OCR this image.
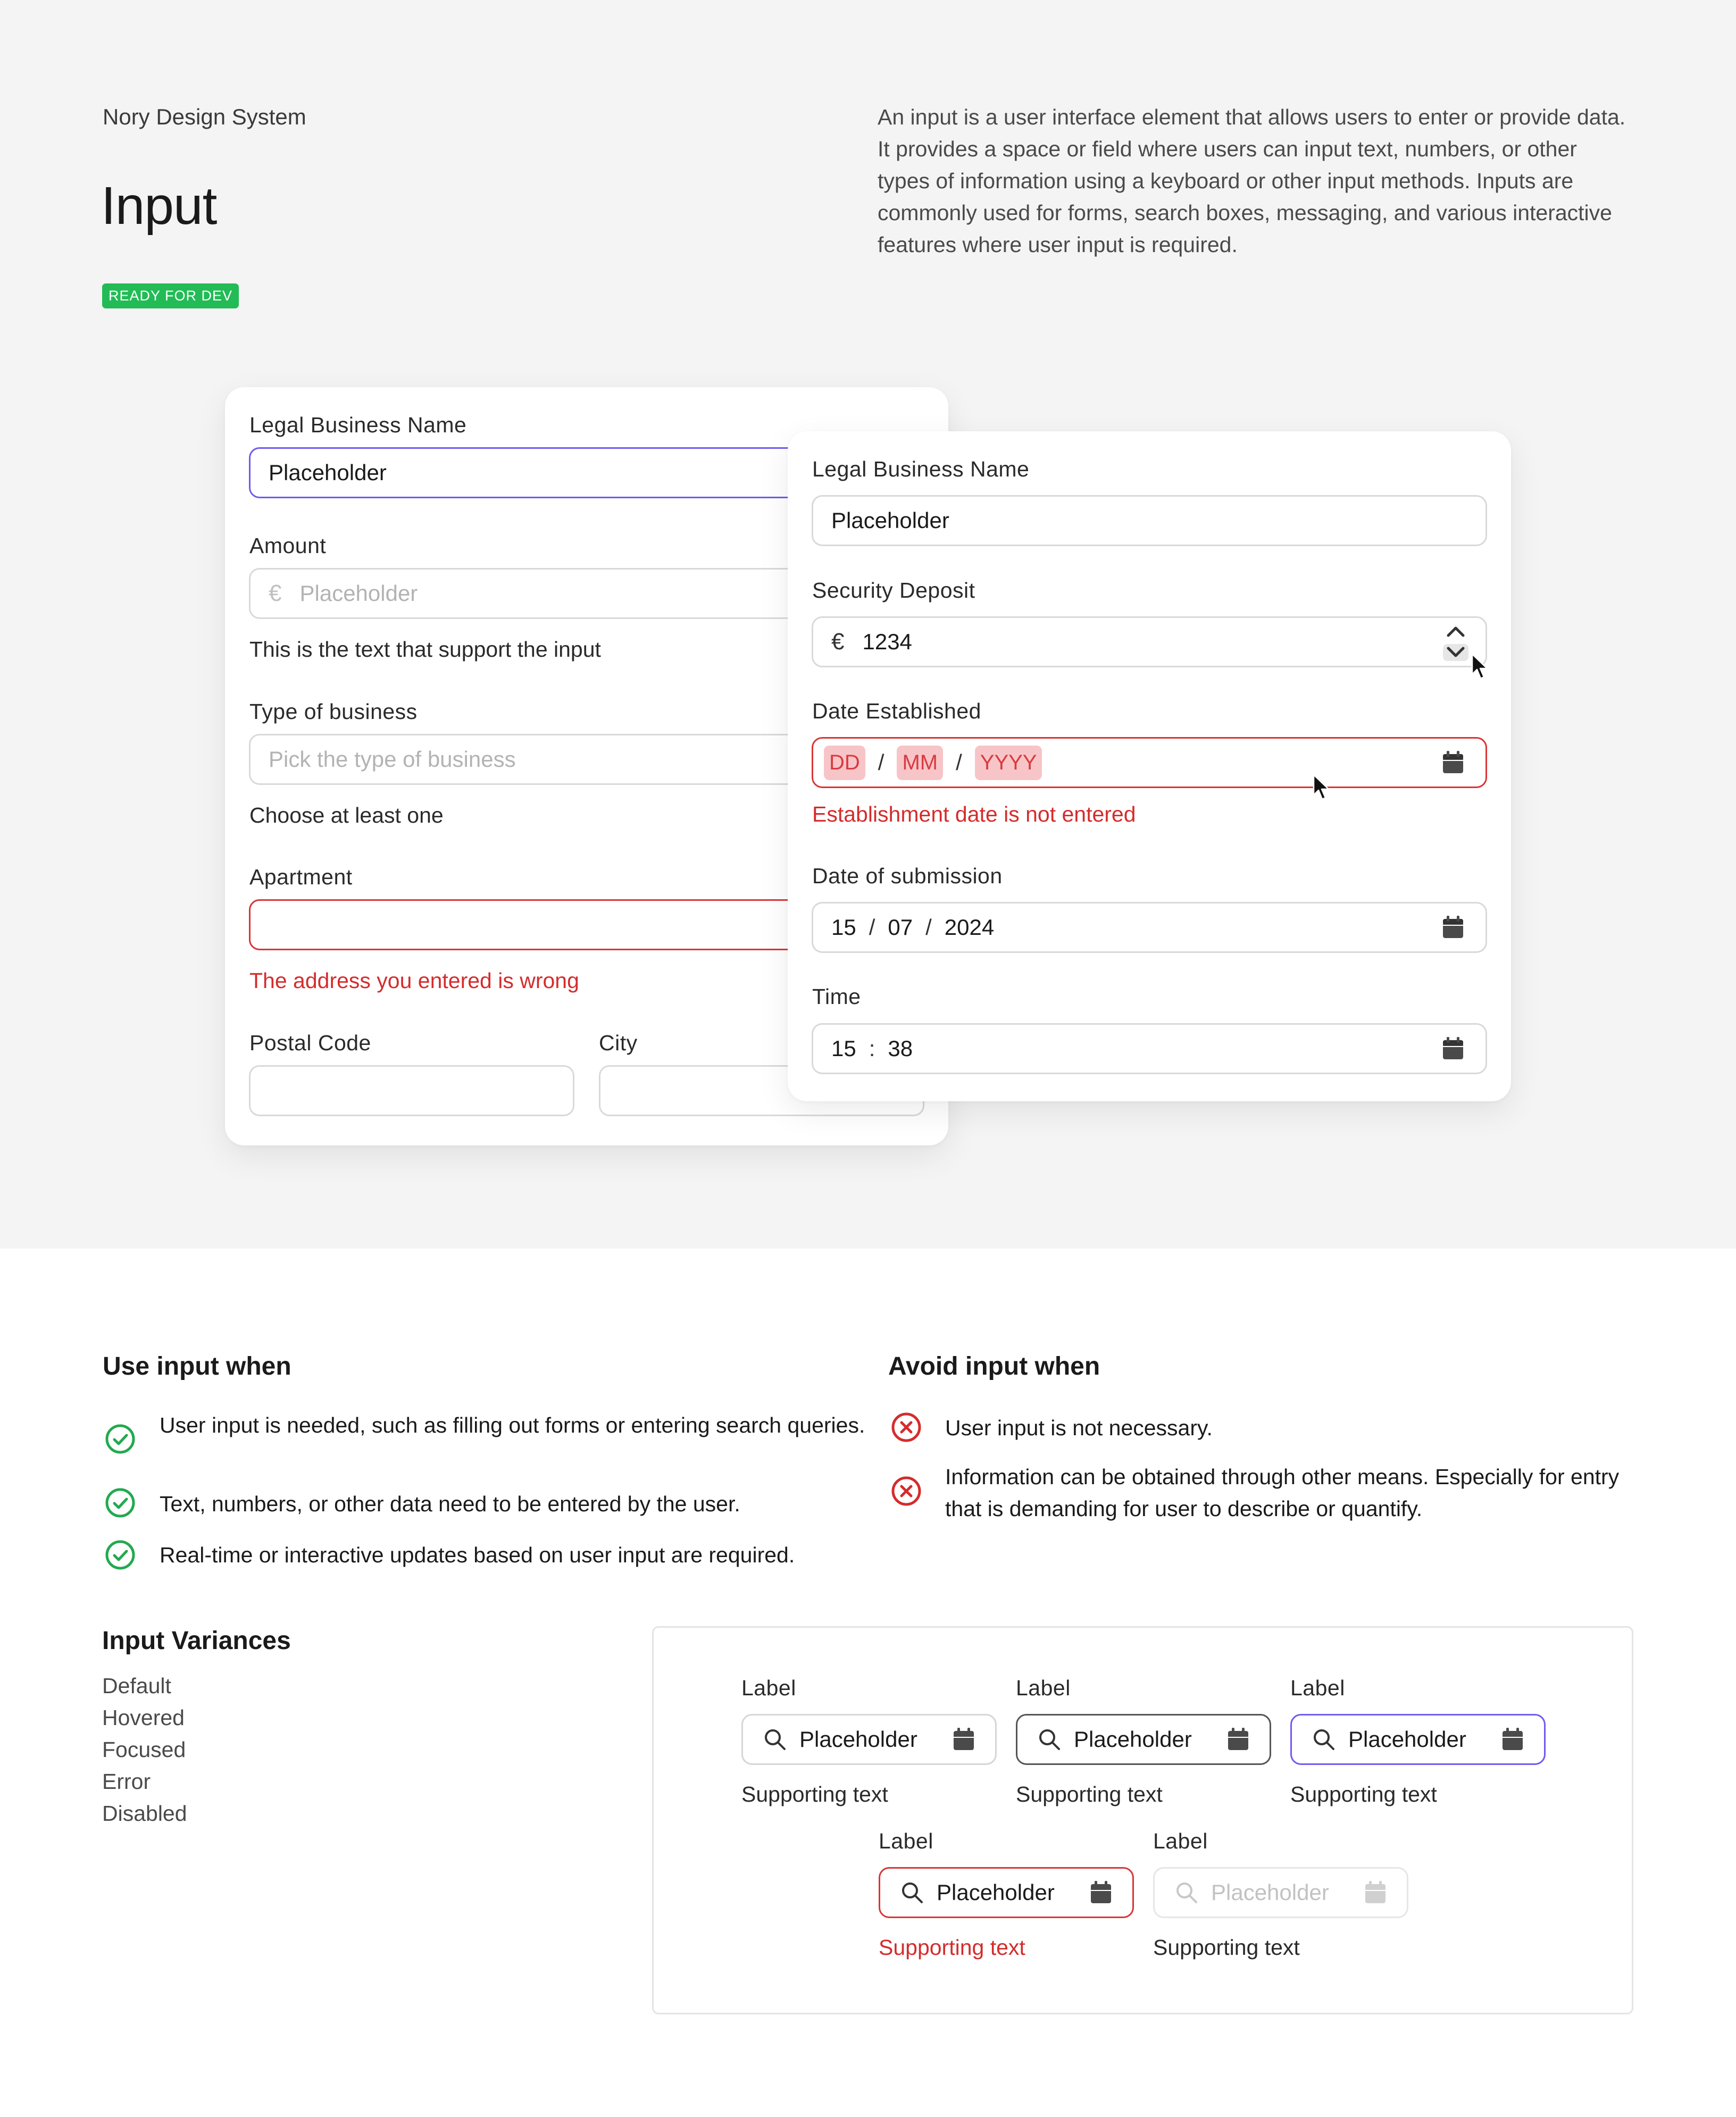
Nory Design System
Input
READY FOR DEV
An input is a user interface element that allows users to enter or provide data. It provides a space or field where users can input text, numbers, or other types of information using a keyboard or other input methods. Inputs are commonly used for forms, search boxes, messaging, and various interactive features where user input is required.
Legal Business Name
Placeholder
Amount
€ Placeholder
This is the text that support the input
Type of business
Pick the type of business
Choose at least one
Apartment
The address you entered is wrong
Postal Code	City
Legal Business Name
Placeholder
Security Deposit
€ 1234
Date Established
DD / MM / YYYY
Establishment date is not entered
Date of submission
15 / 07 / 2024
Time
15 : 38
Use input when
User input is needed, such as filling out forms or entering search queries.
Text, numbers, or other data need to be entered by the user.
Real-time or interactive updates based on user input are required.
Avoid input when
User input is not necessary.
Information can be obtained through other means. Especially for entry that is demanding for user to describe or quantify.
Input Variances
Default
Hovered
Focused
Error
Disabled
Label
Placeholder
Supporting text
Label
Placeholder
Supporting text
Label
Placeholder
Supporting text
Label
Placeholder
Supporting text
Label
Placeholder
Supporting text
